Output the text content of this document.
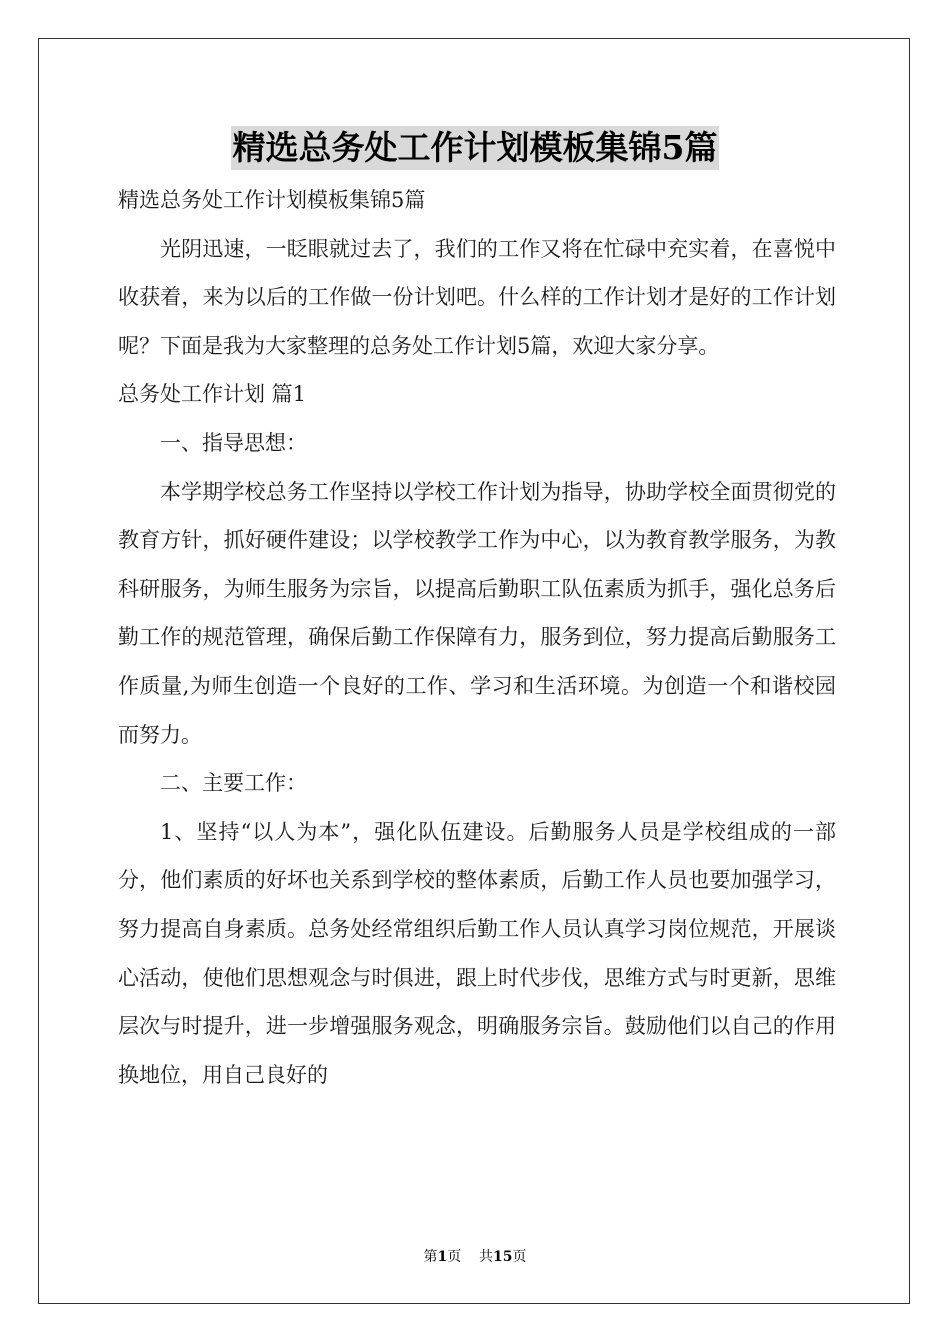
精选总务处工作计划模板集锦5篇

精选总务处工作计划模板集锦5篇

光阴迅速，一眨眼就过去了，我们的工作又将在忙碌中充实着，在喜悦中收获着，来为以后的工作做一份计划吧。什么样的工作计划才是好的工作计划呢？下面是我为大家整理的总务处工作计划5篇，欢迎大家分享。

总务处工作计划 篇1

一、指导思想：

本学期学校总务工作坚持以学校工作计划为指导，协助学校全面贯彻党的教育方针，抓好硬件建设；以学校教学工作为中心，以为教育教学服务，为教科研服务，为师生服务为宗旨，以提高后勤职工队伍素质为抓手，强化总务后勤工作的规范管理，确保后勤工作保障有力，服务到位，努力提高后勤服务工作质量,为师生创造一个良好的工作、学习和生活环境。为创造一个和谐校园而努力。

二、主要工作：

1、坚持“以人为本”，强化队伍建设。后勤服务人员是学校组成的一部分，他们素质的好坏也关系到学校的整体素质，后勤工作人员也要加强学习，努力提高自身素质。总务处经常组织后勤工作人员认真学习岗位规范，开展谈心活动，使他们思想观念与时俱进，跟上时代步伐，思维方式与时更新，思维层次与时提升，进一步增强服务观念，明确服务宗旨。鼓励他们以自己的作用换地位，用自己良好的

第1页 共15页
